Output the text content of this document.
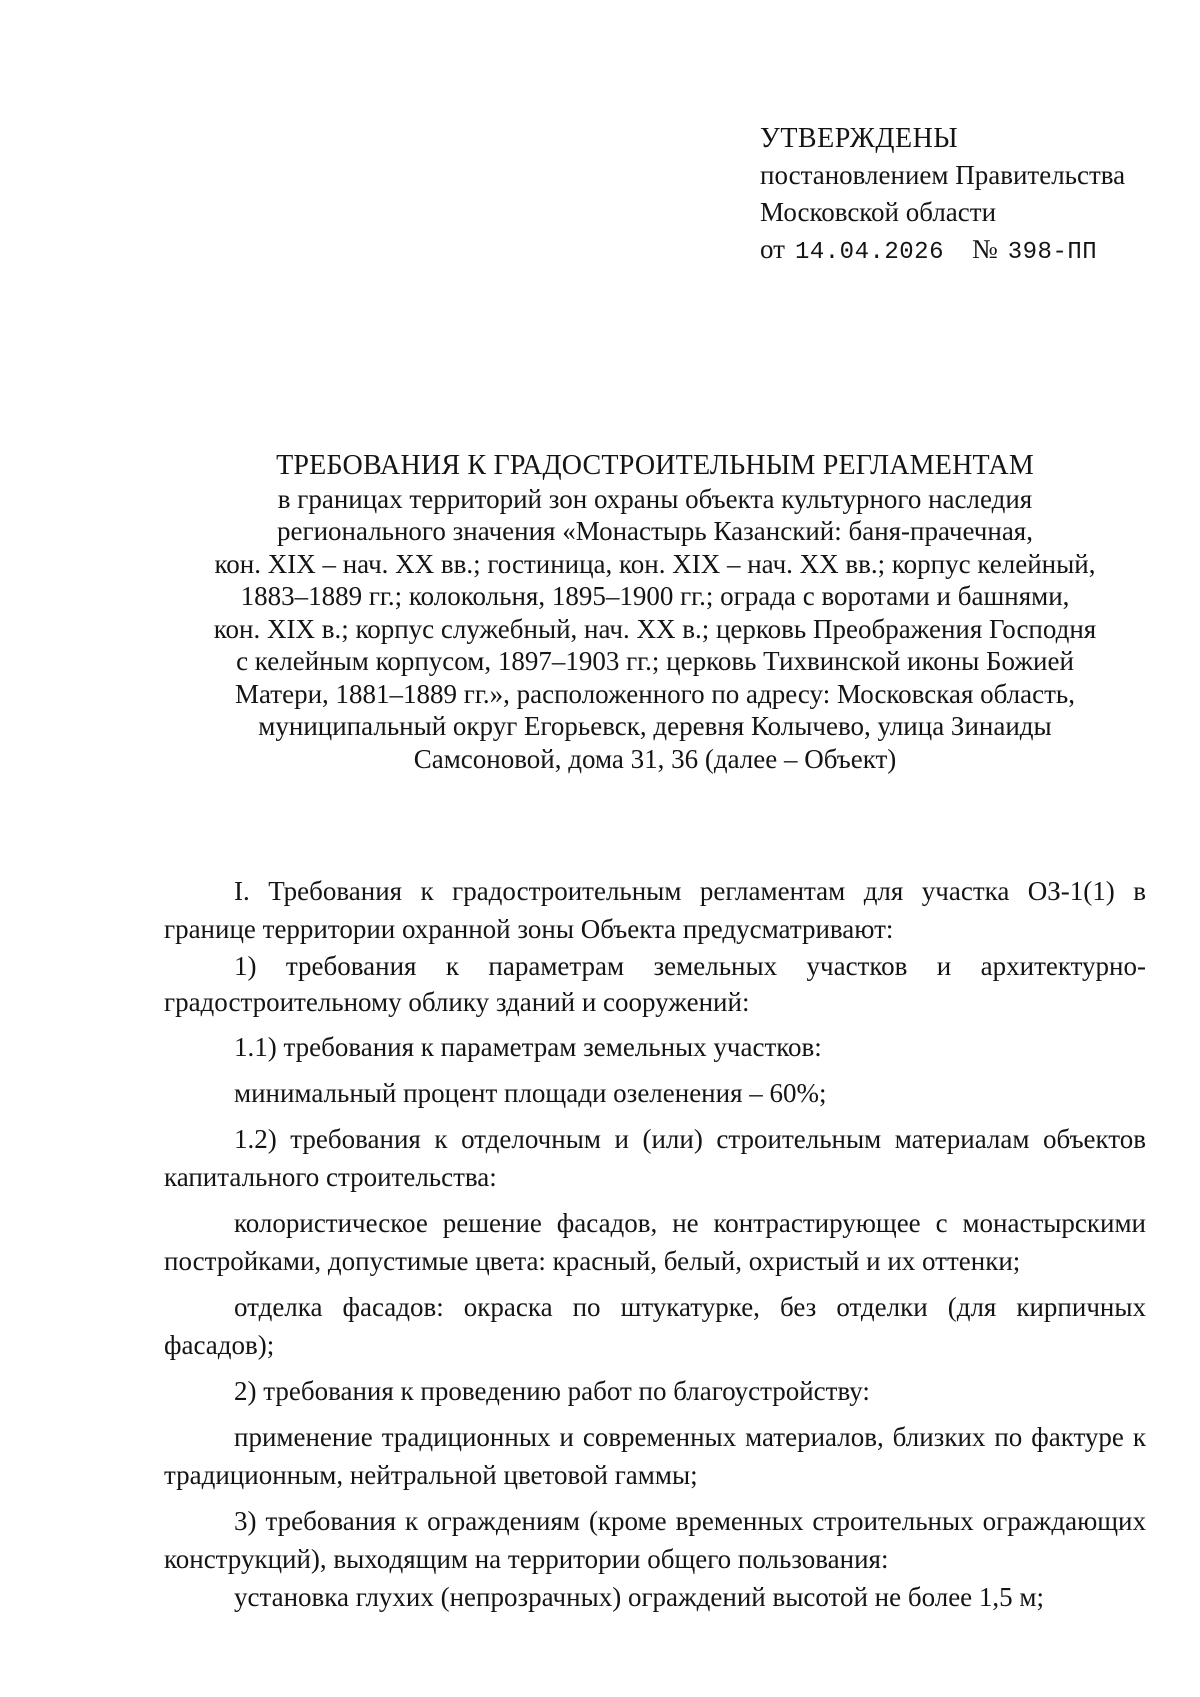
УТВЕРЖДЕНЫ
постановлением Правительства
Московской области
от 14.04.2026 № 398-ПП
ТРЕБОВАНИЯ К ГРАДОСТРОИТЕЛЬНЫМ РЕГЛАМЕНТАМ
в границах территорий зон охраны объекта культурного наследия
регионального значения «Монастырь Казанский: баня-прачечная,
кон. XIX – нач. XX вв.; гостиница, кон. XIX – нач. XX вв.; корпус келейный,
1883–1889 гг.; колокольня, 1895–1900 гг.; ограда с воротами и башнями,
кон. XIX в.; корпус служебный, нач. XX в.; церковь Преображения Господня
с келейным корпусом, 1897–1903 гг.; церковь Тихвинской иконы Божией
Матери, 1881–1889 гг.», расположенного по адресу: Московская область,
муниципальный округ Егорьевск, деревня Колычево, улица Зинаиды
Самсоновой, дома 31, 36 (далее – Объект)

I. Требования к градостроительным регламентам для участка ОЗ-1(1) в границе территории охранной зоны Объекта предусматривают:

1) требования к параметрам земельных участков и архитектурно-градостроительному облику зданий и сооружений:

1.1) требования к параметрам земельных участков:

минимальный процент площади озеленения – 60%;

1.2) требования к отделочным и (или) строительным материалам объектов капитального строительства:

колористическое решение фасадов, не контрастирующее с монастырскими постройками, допустимые цвета: красный, белый, охристый и их оттенки;

отделка фасадов: окраска по штукатурке, без отделки (для кирпичных фасадов);

2) требования к проведению работ по благоустройству:

применение традиционных и современных материалов, близких по фактуре к традиционным, нейтральной цветовой гаммы;

3) требования к ограждениям (кроме временных строительных ограждающих конструкций), выходящим на территории общего пользования:

установка глухих (непрозрачных) ограждений высотой не более 1,5 м;
